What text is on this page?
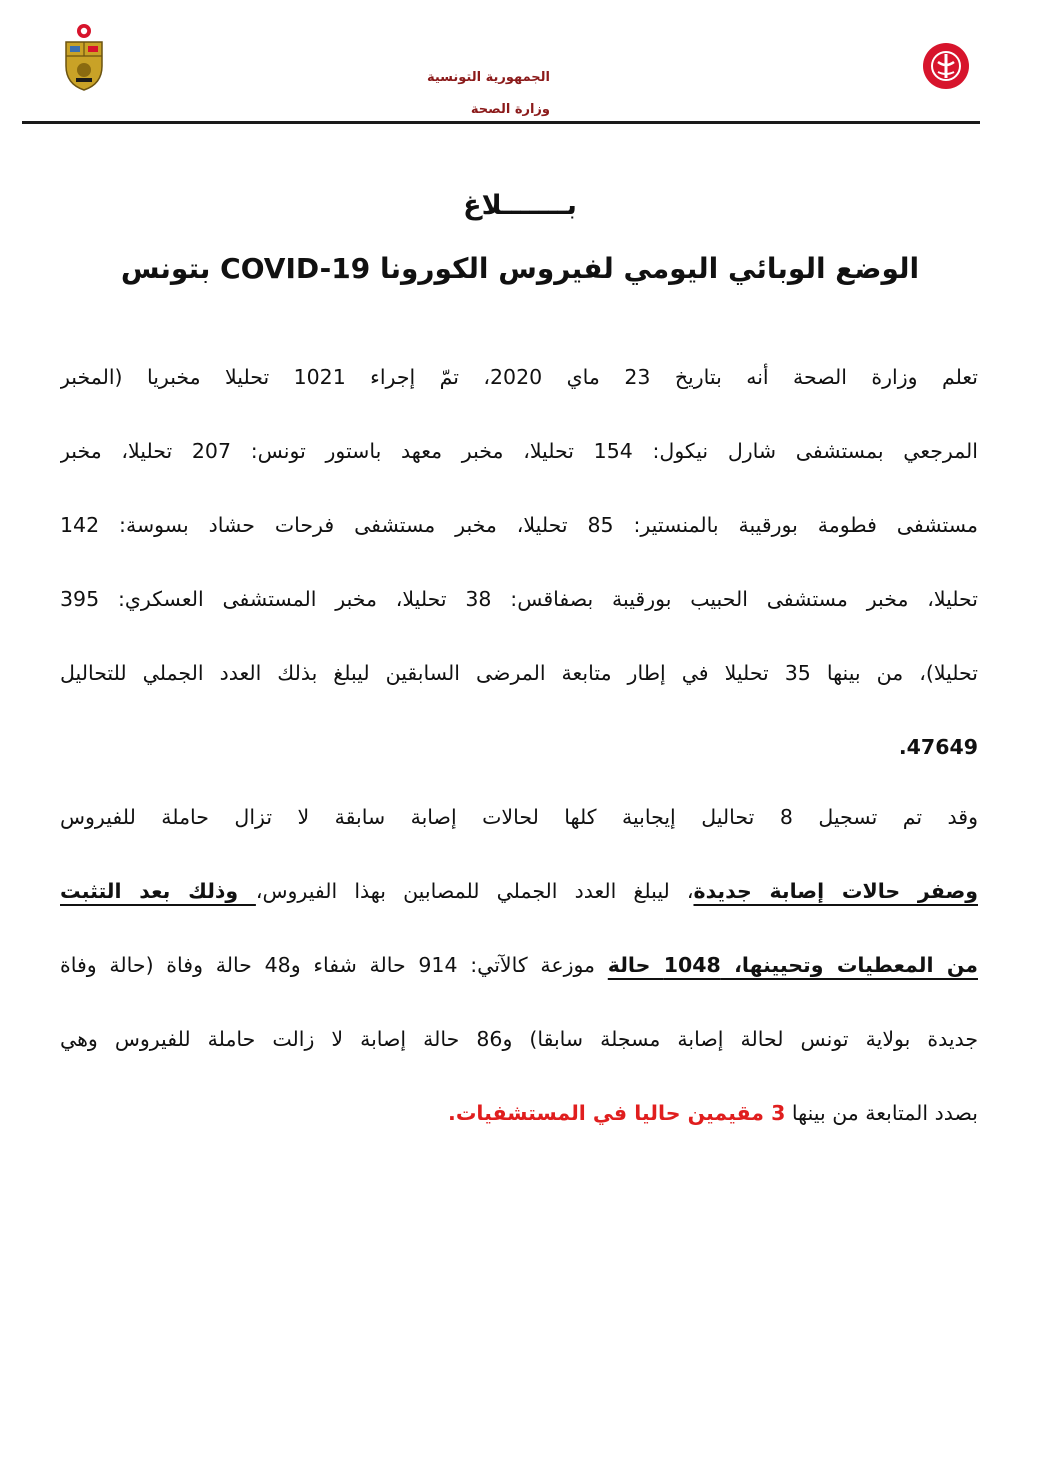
الجمهورية التونسية
وزارة الصحة
بـــــــلاغ
الوضع الوبائي اليومي لفيروس الكورونا COVID-19 بتونس
تعلم وزارة الصحة أنه بتاريخ 23 ماي 2020، تمّ إجراء 1021 تحليلا مخبريا (المخبر
المرجعي بمستشفى شارل نيكول: 154 تحليلا، مخبر معهد باستور تونس: 207 تحليلا، مخبر
مستشفى فطومة بورقيبة بالمنستير: 85 تحليلا، مخبر مستشفى فرحات حشاد بسوسة: 142
تحليلا، مخبر مستشفى الحبيب بورقيبة بصفاقس: 38 تحليلا، مخبر المستشفى العسكري: 395
تحليلا)، من بينها 35 تحليلا في إطار متابعة المرضى السابقين ليبلغ بذلك العدد الجملي للتحاليل
47649.
وقد تم تسجيل 8 تحاليل إيجابية كلها لحالات إصابة سابقة لا تزال حاملة للفيروس
وصفر حالات إصابة جديدة، ليبلغ العدد الجملي للمصابين بهذا الفيروس، وذلك بعد التثبت
من المعطيات وتحيينها، 1048 حالة موزعة كالآتي: 914 حالة شفاء و48 حالة وفاة (حالة وفاة
جديدة بولاية تونس لحالة إصابة مسجلة سابقا) و86 حالة إصابة لا زالت حاملة للفيروس وهي
بصدد المتابعة من بينها 3 مقيمين حاليا في المستشفيات.
